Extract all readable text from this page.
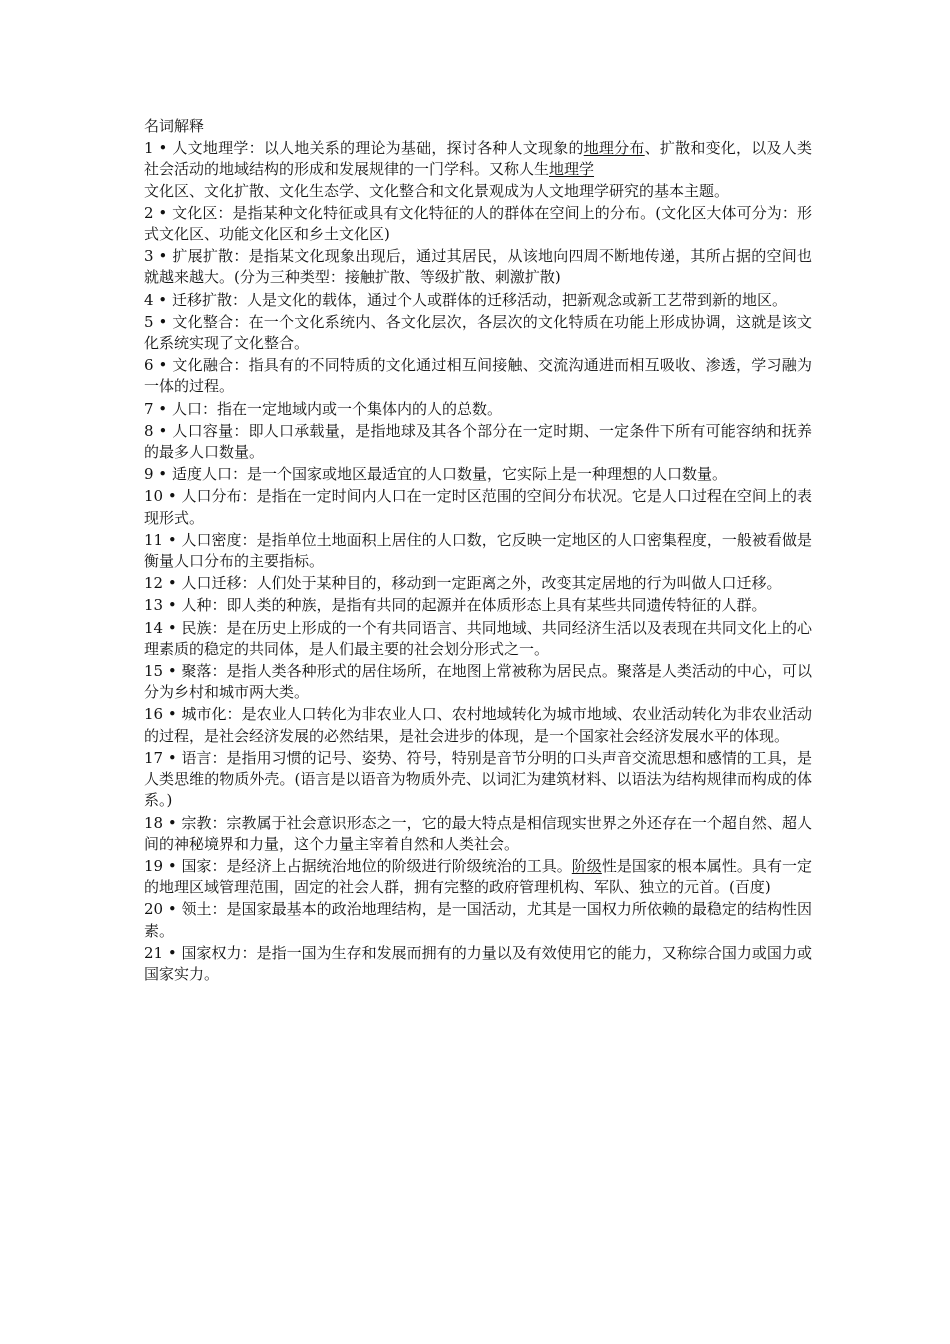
名词解释
1 • 人文地理学：以人地关系的理论为基础，探讨各种人文现象的地理分布、扩散和变化，以及人类社会活动的地域结构的形成和发展规律的一门学科。又称人生地理学
文化区、文化扩散、文化生态学、文化整合和文化景观成为人文地理学研究的基本主题。
2 • 文化区：是指某种文化特征或具有文化特征的人的群体在空间上的分布。(文化区大体可分为：形式文化区、功能文化区和乡土文化区)
3 • 扩展扩散：是指某文化现象出现后，通过其居民，从该地向四周不断地传递，其所占据的空间也就越来越大。(分为三种类型：接触扩散、等级扩散、刺激扩散)
4 • 迁移扩散：人是文化的载体，通过个人或群体的迁移活动，把新观念或新工艺带到新的地区。
5 • 文化整合：在一个文化系统内、各文化层次，各层次的文化特质在功能上形成协调，这就是该文化系统实现了文化整合。
6 • 文化融合：指具有的不同特质的文化通过相互间接触、交流沟通进而相互吸收、渗透，学习融为一体的过程。
7 • 人口：指在一定地域内或一个集体内的人的总数。
8 • 人口容量：即人口承载量，是指地球及其各个部分在一定时期、一定条件下所有可能容纳和抚养的最多人口数量。
9 • 适度人口：是一个国家或地区最适宜的人口数量，它实际上是一种理想的人口数量。
10 • 人口分布：是指在一定时间内人口在一定时区范围的空间分布状况。它是人口过程在空间上的表现形式。
11 • 人口密度：是指单位土地面积上居住的人口数，它反映一定地区的人口密集程度，一般被看做是衡量人口分布的主要指标。
12 • 人口迁移：人们处于某种目的，移动到一定距离之外，改变其定居地的行为叫做人口迁移。
13 • 人种：即人类的种族，是指有共同的起源并在体质形态上具有某些共同遗传特征的人群。
14 • 民族：是在历史上形成的一个有共同语言、共同地域、共同经济生活以及表现在共同文化上的心理素质的稳定的共同体，是人们最主要的社会划分形式之一。
15 • 聚落：是指人类各种形式的居住场所，在地图上常被称为居民点。聚落是人类活动的中心，可以分为乡村和城市两大类。
16 • 城市化：是农业人口转化为非农业人口、农村地域转化为城市地域、农业活动转化为非农业活动的过程，是社会经济发展的必然结果，是社会进步的体现，是一个国家社会经济发展水平的体现。
17 • 语言：是指用习惯的记号、姿势、符号，特别是音节分明的口头声音交流思想和感情的工具，是人类思维的物质外壳。(语言是以语音为物质外壳、以词汇为建筑材料、以语法为结构规律而构成的体系。)
18 • 宗教：宗教属于社会意识形态之一，它的最大特点是相信现实世界之外还存在一个超自然、超人间的神秘境界和力量，这个力量主宰着自然和人类社会。
19 • 国家：是经济上占据统治地位的阶级进行阶级统治的工具。阶级性是国家的根本属性。具有一定的地理区域管理范围，固定的社会人群，拥有完整的政府管理机构、军队、独立的元首。(百度)
20 • 领土：是国家最基本的政治地理结构，是一国活动，尤其是一国权力所依赖的最稳定的结构性因素。
21 • 国家权力：是指一国为生存和发展而拥有的力量以及有效使用它的能力，又称综合国力或国力或国家实力。
